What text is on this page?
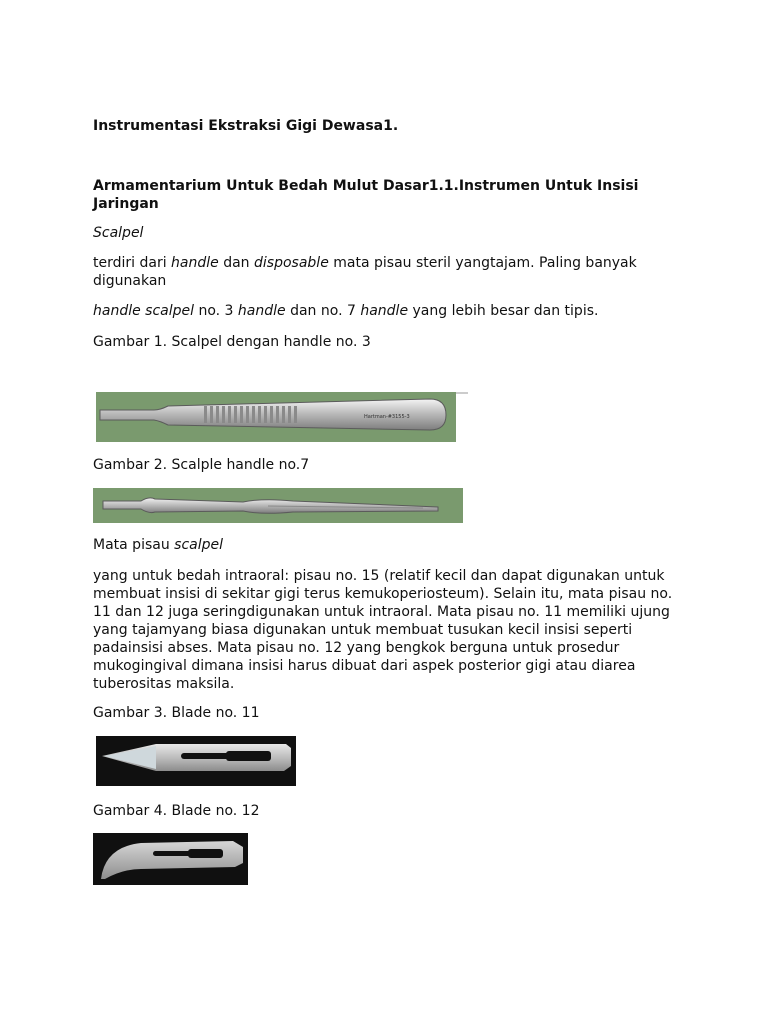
Instrumentasi Ekstraksi Gigi Dewasa1.
Armamentarium Untuk Bedah Mulut Dasar1.1.Instrumen Untuk Insisi Jaringan
Scalpel
terdiri dari handle dan disposable mata pisau steril yangtajam. Paling banyak digunakan
handle scalpel no. 3 handle dan no. 7 handle yang lebih besar dan tipis.
Gambar 1. Scalpel dengan handle no. 3
Hartman-#3155-3
Gambar 2. Scalple handle no.7
Mata pisau scalpel
yang untuk bedah intraoral: pisau no. 15 (relatif kecil dan dapat digunakan untuk membuat insisi di sekitar gigi terus kemukoperiosteum). Selain itu, mata pisau no. 11 dan 12 juga seringdigunakan untuk intraoral. Mata pisau no. 11 memiliki ujung yang tajamyang biasa digunakan untuk membuat tusukan kecil insisi seperti padainsisi abses. Mata pisau no. 12 yang bengkok berguna untuk prosedur mukogingival dimana insisi harus dibuat dari aspek posterior gigi atau diarea tuberositas maksila.
Gambar 3. Blade no. 11
Gambar 4. Blade no. 12
